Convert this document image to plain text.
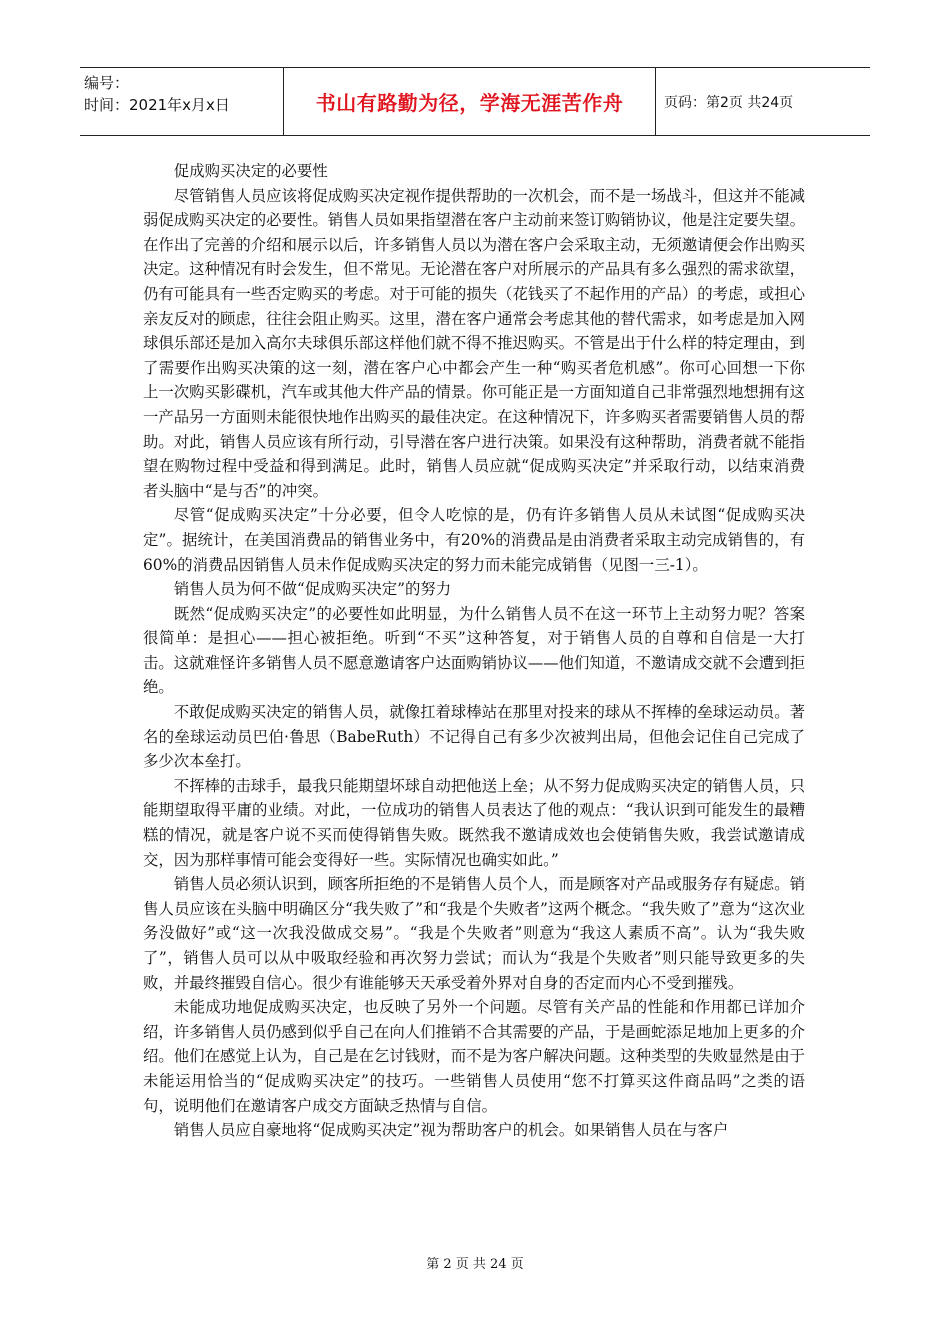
编号：
时间：2021年x月x日	书山有路勤为径，学海无涯苦作舟	页码：第2页 共24页

促成购买决定的必要性

尽管销售人员应该将促成购买决定视作提供帮助的一次机会，而不是一场战斗，但这并不能减弱促成购买决定的必要性。销售人员如果指望潜在客户主动前来签订购销协议，他是注定要失望。在作出了完善的介绍和展示以后，许多销售人员以为潜在客户会采取主动，无须邀请便会作出购买决定。这种情况有时会发生，但不常见。无论潜在客户对所展示的产品具有多么强烈的需求欲望，仍有可能具有一些否定购买的考虑。对于可能的损失（花钱买了不起作用的产品）的考虑，或担心亲友反对的顾虑，往往会阻止购买。这里，潜在客户通常会考虑其他的替代需求，如考虑是加入网球俱乐部还是加入高尔夫球俱乐部这样他们就不得不推迟购买。不管是出于什么样的特定理由，到了需要作出购买决策的这一刻，潜在客户心中都会产生一种“购买者危机感”。你可心回想一下你上一次购买影碟机，汽车或其他大件产品的情景。你可能正是一方面知道自己非常强烈地想拥有这一产品另一方面则未能很快地作出购买的最佳决定。在这种情况下，许多购买者需要销售人员的帮助。对此，销售人员应该有所行动，引导潜在客户进行决策。如果没有这种帮助，消费者就不能指望在购物过程中受益和得到满足。此时，销售人员应就“促成购买决定”并采取行动，以结束消费者头脑中“是与否”的冲突。

尽管“促成购买决定”十分必要，但令人吃惊的是，仍有许多销售人员从未试图“促成购买决定”。据统计，在美国消费品的销售业务中，有20%的消费品是由消费者采取主动完成销售的，有60%的消费品因销售人员未作促成购买决定的努力而未能完成销售（见图一三-1）。

销售人员为何不做“促成购买决定”的努力

既然“促成购买决定”的必要性如此明显，为什么销售人员不在这一环节上主动努力呢？答案很简单：是担心——担心被拒绝。听到“不买”这种答复，对于销售人员的自尊和自信是一大打击。这就难怪许多销售人员不愿意邀请客户达面购销协议——他们知道，不邀请成交就不会遭到拒绝。

不敢促成购买决定的销售人员，就像扛着球棒站在那里对投来的球从不挥棒的垒球运动员。著名的垒球运动员巴伯·鲁思（BabeRuth）不记得自己有多少次被判出局，但他会记住自己完成了多少次本垒打。

不挥棒的击球手，最我只能期望坏球自动把他送上垒；从不努力促成购买决定的销售人员，只能期望取得平庸的业绩。对此，一位成功的销售人员表达了他的观点：“我认识到可能发生的最糟糕的情况，就是客户说不买而使得销售失败。既然我不邀请成效也会使销售失败，我尝试邀请成交，因为那样事情可能会变得好一些。实际情况也确实如此。”

销售人员必须认识到，顾客所拒绝的不是销售人员个人，而是顾客对产品或服务存有疑虑。销售人员应该在头脑中明确区分“我失败了”和“我是个失败者”这两个概念。“我失败了”意为“这次业务没做好”或“这一次我没做成交易”。“我是个失败者”则意为“我这人素质不高”。认为“我失败了”，销售人员可以从中吸取经验和再次努力尝试；而认为“我是个失败者”则只能导致更多的失败，并最终摧毁自信心。很少有谁能够天天承受着外界对自身的否定而内心不受到摧残。

未能成功地促成购买决定，也反映了另外一个问题。尽管有关产品的性能和作用都已详加介绍，许多销售人员仍感到似乎自己在向人们推销不合其需要的产品，于是画蛇添足地加上更多的介绍。他们在感觉上认为，自己是在乞讨钱财，而不是为客户解决问题。这种类型的失败显然是由于未能运用恰当的“促成购买决定”的技巧。一些销售人员使用“您不打算买这件商品吗”之类的语句，说明他们在邀请客户成交方面缺乏热情与自信。

销售人员应自豪地将“促成购买决定”视为帮助客户的机会。如果销售人员在与客户

第 2 页 共 24 页
